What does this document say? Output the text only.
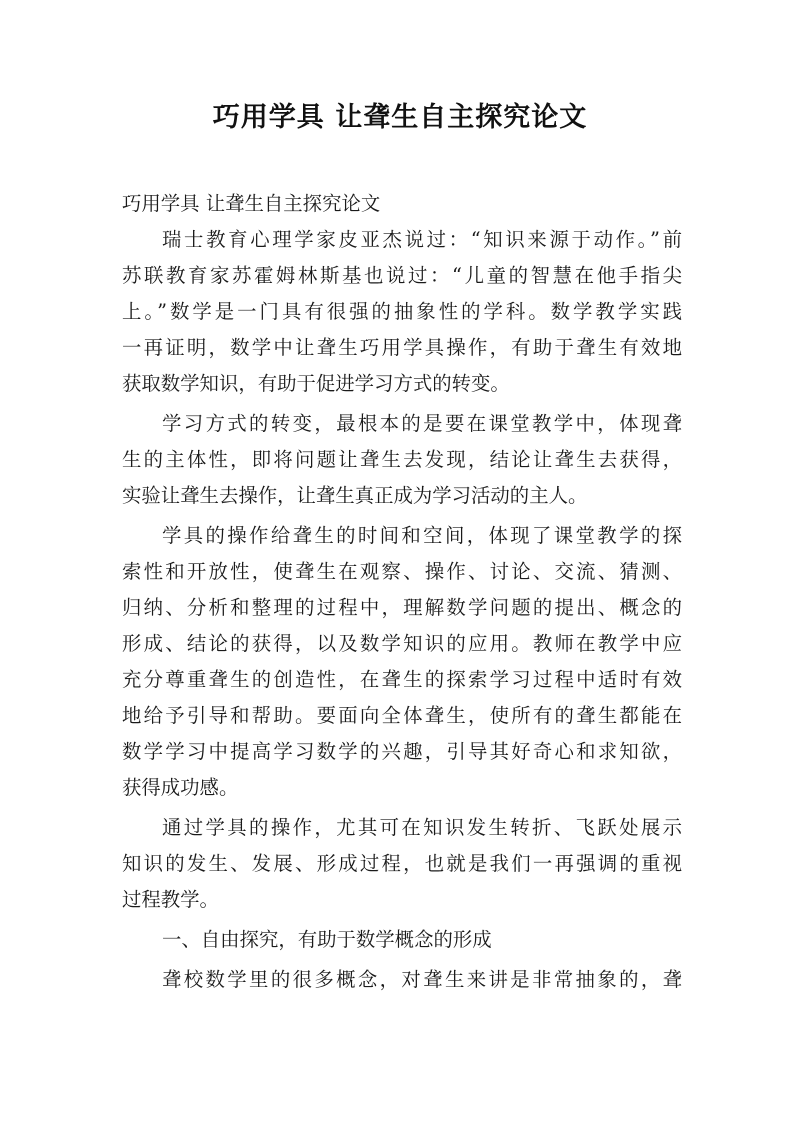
巧用学具 让聋生自主探究论文
巧用学具 让聋生自主探究论文
瑞士教育心理学家皮亚杰说过：“知识来源于动作。”前
苏联教育家苏霍姆林斯基也说过：“儿童的智慧在他手指尖
上。”数学是一门具有很强的抽象性的学科。数学教学实践
一再证明，数学中让聋生巧用学具操作，有助于聋生有效地
获取数学知识，有助于促进学习方式的转变。
学习方式的转变，最根本的是要在课堂教学中，体现聋
生的主体性，即将问题让聋生去发现，结论让聋生去获得，
实验让聋生去操作，让聋生真正成为学习活动的主人。
学具的操作给聋生的时间和空间，体现了课堂教学的探
索性和开放性，使聋生在观察、操作、讨论、交流、猜测、
归纳、分析和整理的过程中，理解数学问题的提出、概念的
形成、结论的获得，以及数学知识的应用。教师在教学中应
充分尊重聋生的创造性，在聋生的探索学习过程中适时有效
地给予引导和帮助。要面向全体聋生，使所有的聋生都能在
数学学习中提高学习数学的兴趣，引导其好奇心和求知欲，
获得成功感。
通过学具的操作，尤其可在知识发生转折、飞跃处展示
知识的发生、发展、形成过程，也就是我们一再强调的重视
过程教学。
一、自由探究，有助于数学概念的形成
聋校数学里的很多概念，对聋生来讲是非常抽象的，聋
